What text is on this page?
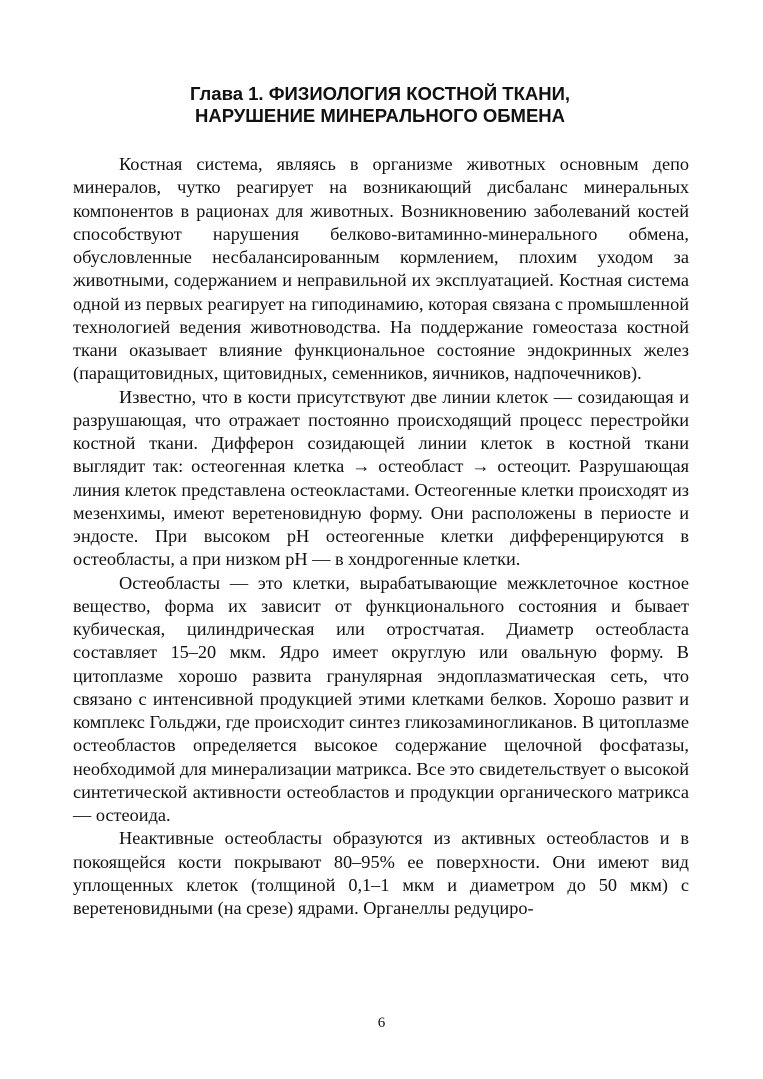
Глава 1. ФИЗИОЛОГИЯ КОСТНОЙ ТКАНИ,
НАРУШЕНИЕ МИНЕРАЛЬНОГО ОБМЕНА

Костная система, являясь в организме животных основным депо минералов, чутко реагирует на возникающий дисбаланс минеральных компонентов в рационах для животных. Возникновению заболеваний костей способствуют нарушения белково-витаминно-минерального обмена, обусловленные несбалансированным кормлением, плохим уходом за животными, содержанием и неправильной их эксплуатацией. Костная система одной из первых реагирует на гиподинамию, которая связана с промышленной технологией ведения животноводства. На поддержание гомеостаза костной ткани оказывает влияние функциональное состояние эндокринных желез (паращитовидных, щитовидных, семенников, яичников, надпочечников).

Известно, что в кости присутствуют две линии клеток — созидающая и разрушающая, что отражает постоянно происходящий процесс перестройки костной ткани. Дифферон созидающей линии клеток в костной ткани выглядит так: остеогенная клетка → остеобласт → остеоцит. Разрушающая линия клеток представлена остеокластами. Остеогенные клетки происходят из мезенхимы, имеют веретеновидную форму. Они расположены в периосте и эндосте. При высоком pH остеогенные клетки дифференцируются в остеобласты, а при низком pH — в хондрогенные клетки.

Остеобласты — это клетки, вырабатывающие межклеточное костное вещество, форма их зависит от функционального состояния и бывает кубическая, цилиндрическая или отростчатая. Диаметр остеобласта составляет 15–20 мкм. Ядро имеет округлую или овальную форму. В цитоплазме хорошо развита гранулярная эндоплазматическая сеть, что связано с интенсивной продукцией этими клетками белков. Хорошо развит и комплекс Гольджи, где происходит синтез гликозаминогликанов. В цитоплазме остеобластов определяется высокое содержание щелочной фосфатазы, необходимой для минерализации матрикса. Все это свидетельствует о высокой синтетической активности остеобластов и продукции органического матрикса — остеоида.

Неактивные остеобласты образуются из активных остеобластов и в покоящейся кости покрывают 80–95% ее поверхности. Они имеют вид уплощенных клеток (толщиной 0,1–1 мкм и диаметром до 50 мкм) с веретеновидными (на срезе) ядрами. Органеллы редуциро-

6
